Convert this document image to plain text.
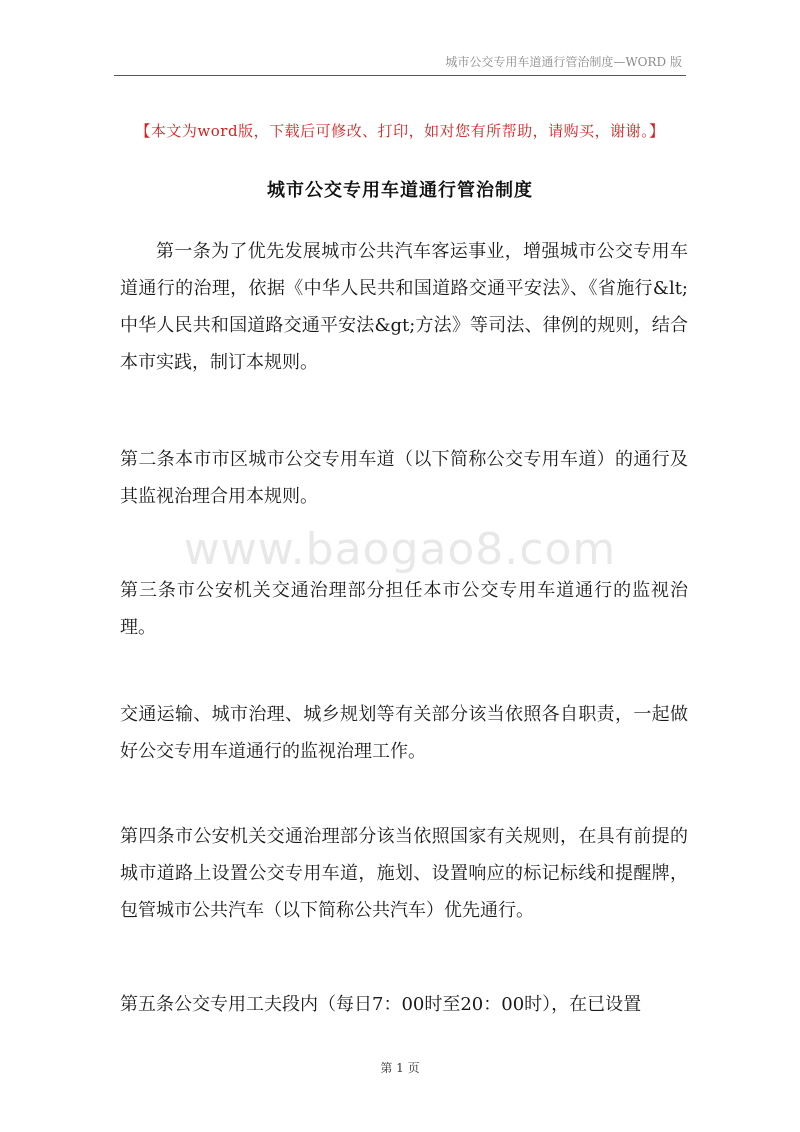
城市公交专用车道通行管治制度—WORD 版
【本文为word版，下载后可修改、打印，如对您有所帮助，请购买，谢谢。】
城市公交专用车道通行管治制度

第一条为了优先发展城市公共汽车客运事业，增强城市公交专用车道通行的治理，依据《中华人民共和国道路交通平安法》、《省施行&lt;中华人民共和国道路交通平安法&gt;方法》等司法、律例的规则，结合本市实践，制订本规则。

第二条本市市区城市公交专用车道（以下简称公交专用车道）的通行及其监视治理合用本规则。

www.baogao8.com

第三条市公安机关交通治理部分担任本市公交专用车道通行的监视治理。

交通运输、城市治理、城乡规划等有关部分该当依照各自职责，一起做好公交专用车道通行的监视治理工作。

第四条市公安机关交通治理部分该当依照国家有关规则，在具有前提的城市道路上设置公交专用车道，施划、设置响应的标记标线和提醒牌，包管城市公共汽车（以下简称公共汽车）优先通行。

第五条公交专用工夫段内（每日7：00时至20：00时），在已设置

第 1 页
